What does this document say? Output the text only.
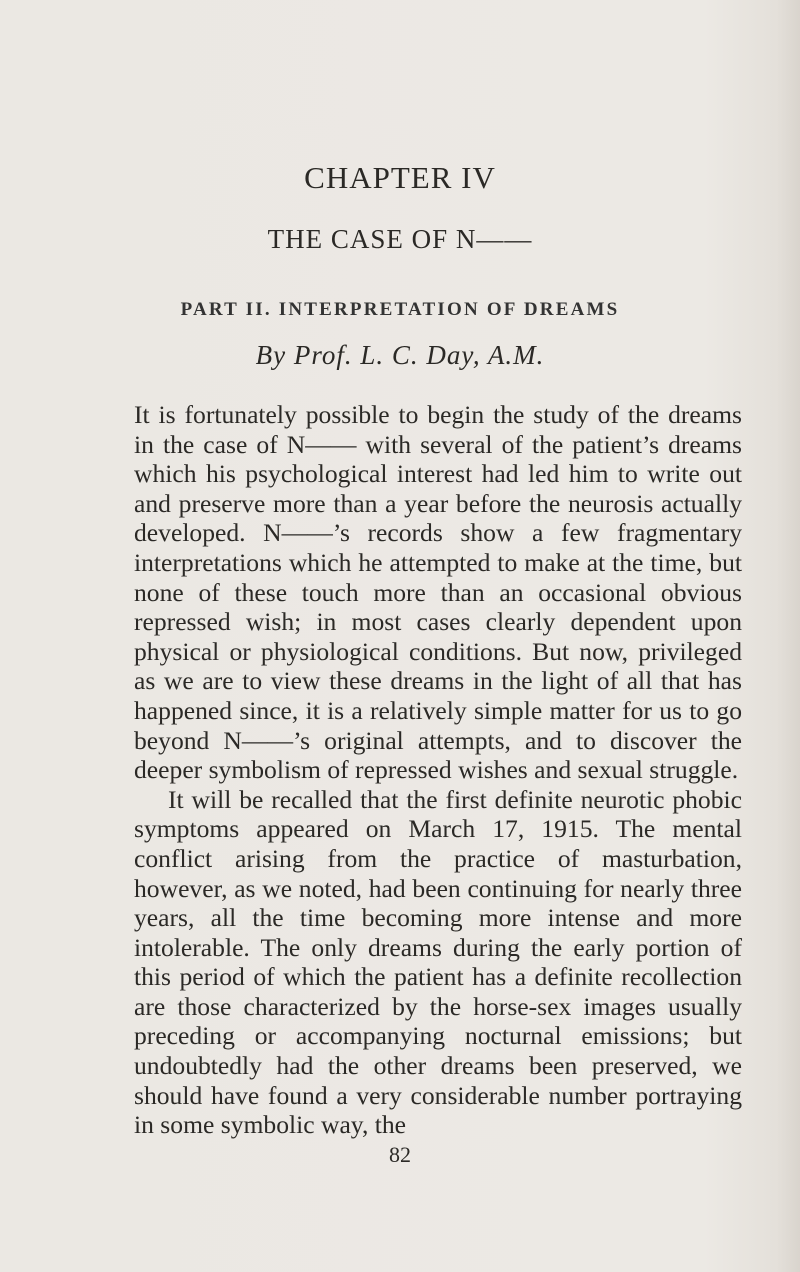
CHAPTER IV
THE CASE OF N——
PART II. INTERPRETATION OF DREAMS
By Prof. L. C. Day, A.M.

It is fortunately possible to begin the study of the dreams in the case of N—— with several of the patient’s dreams which his psychological interest had led him to write out and preserve more than a year before the neurosis actually developed. N——’s records show a few fragmentary interpretations which he attempted to make at the time, but none of these touch more than an occasional obvious repressed wish; in most cases clearly dependent upon physical or physiological conditions. But now, privileged as we are to view these dreams in the light of all that has happened since, it is a relatively simple matter for us to go beyond N——’s original attempts, and to discover the deeper symbolism of repressed wishes and sexual struggle.

It will be recalled that the first definite neurotic phobic symptoms appeared on March 17, 1915. The mental conflict arising from the practice of masturbation, however, as we noted, had been continuing for nearly three years, all the time becoming more intense and more intolerable. The only dreams during the early portion of this period of which the patient has a definite recollection are those characterized by the horse-sex images usually preceding or accompanying nocturnal emissions; but undoubtedly had the other dreams been preserved, we should have found a very considerable number portraying in some symbolic way, the

82
